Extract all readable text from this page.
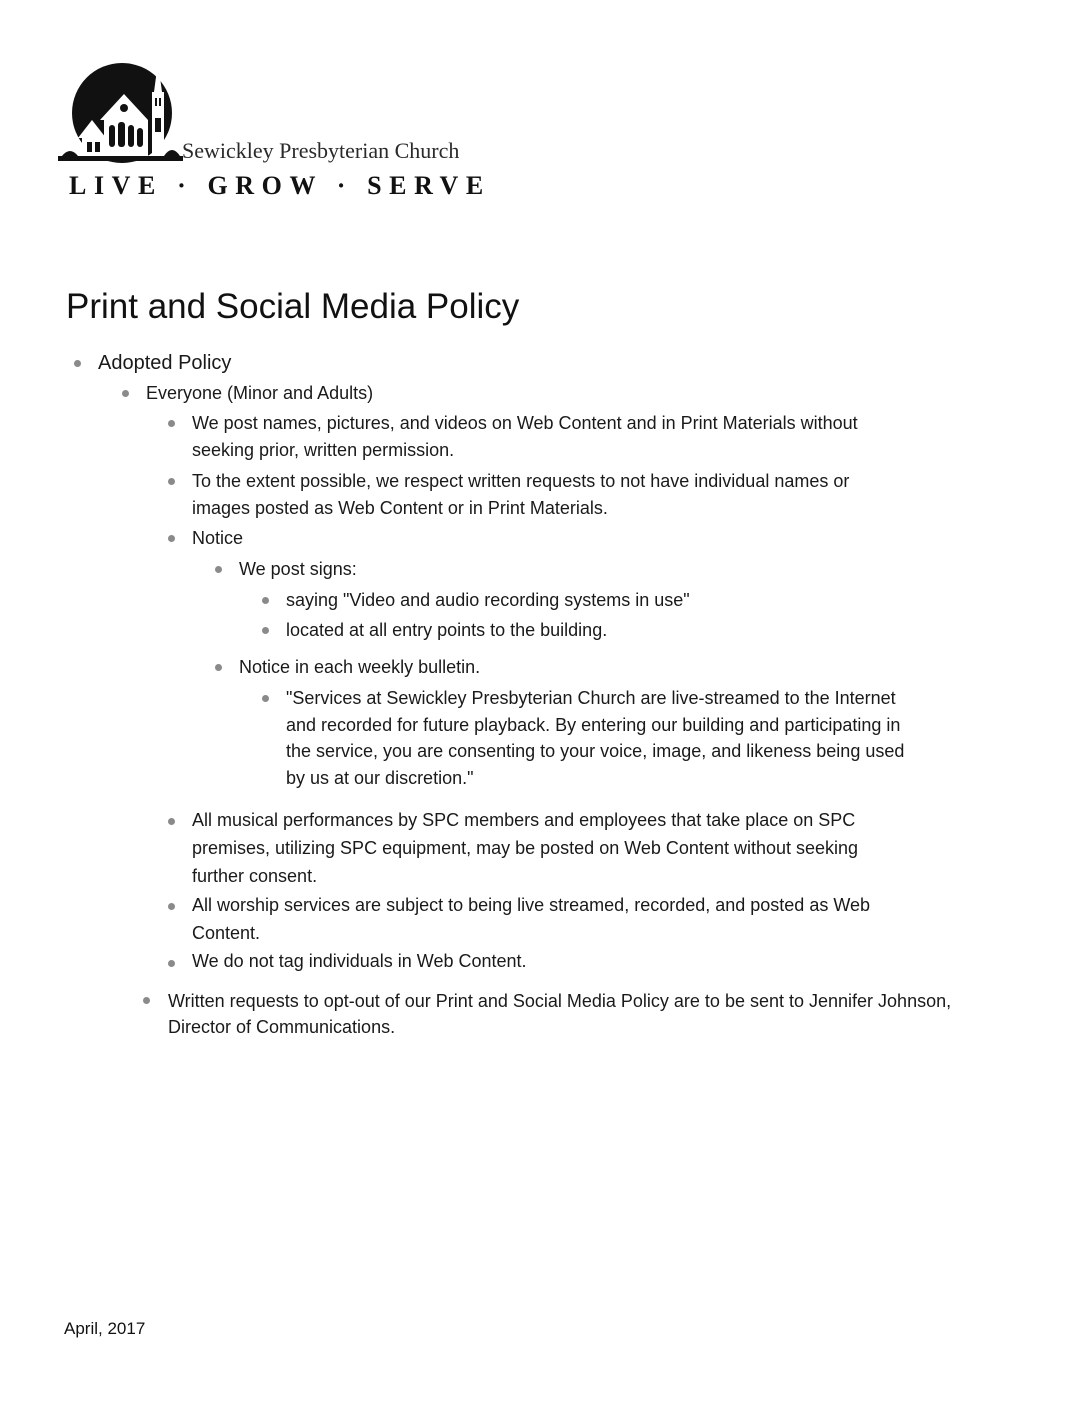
Sewickley Presbyterian Church
LIVE · GROW · SERVE
Print and Social Media Policy
Adopted Policy
Everyone (Minor and Adults)
We post names, pictures, and videos on Web Content and in Print Materials without seeking prior, written permission.
To the extent possible, we respect written requests to not have individual names or images posted as Web Content or in Print Materials.
Notice
We post signs:
saying "Video and audio recording systems in use"
located at all entry points to the building.
Notice in each weekly bulletin.
"Services at Sewickley Presbyterian Church are live-streamed to the Internet and recorded for future playback. By entering our building and participating in the service, you are consenting to your voice, image, and likeness being used by us at our discretion."
All musical performances by SPC members and employees that take place on SPC premises, utilizing SPC equipment, may be posted on Web Content without seeking further consent.
All worship services are subject to being live streamed, recorded, and posted as Web Content.
We do not tag individuals in Web Content.
Written requests to opt-out of our Print and Social Media Policy are to be sent to Jennifer Johnson, Director of Communications.
April, 2017
